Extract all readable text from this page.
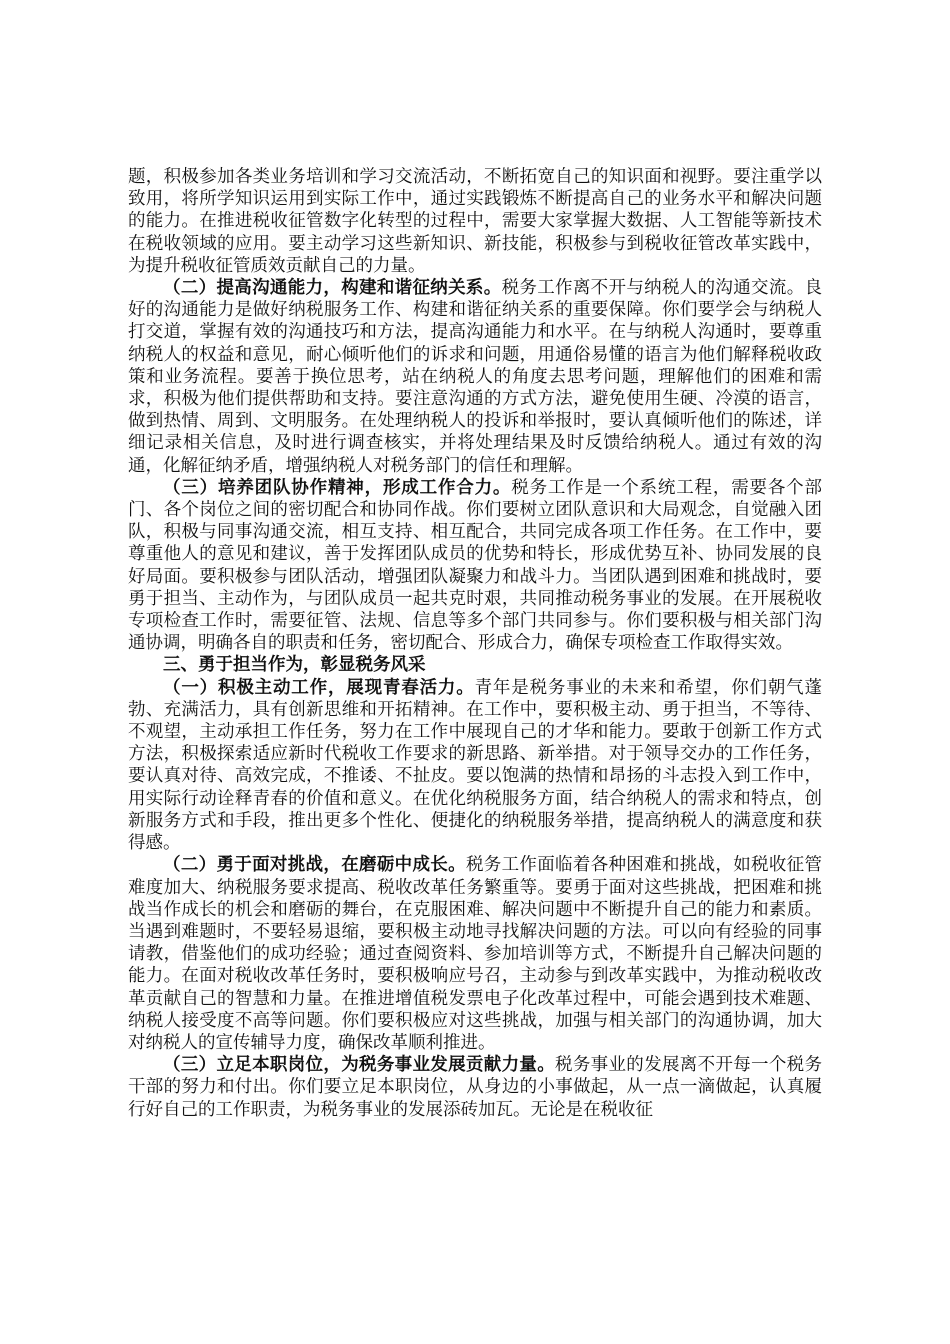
题，积极参加各类业务培训和学习交流活动，不断拓宽自己的知识面和视野。要注重学以致用，将所学知识运用到实际工作中，通过实践锻炼不断提高自己的业务水平和解决问题的能力。在推进税收征管数字化转型的过程中，需要大家掌握大数据、人工智能等新技术在税收领域的应用。要主动学习这些新知识、新技能，积极参与到税收征管改革实践中，为提升税收征管质效贡献自己的力量。

（二）提高沟通能力，构建和谐征纳关系。税务工作离不开与纳税人的沟通交流。良好的沟通能力是做好纳税服务工作、构建和谐征纳关系的重要保障。你们要学会与纳税人打交道，掌握有效的沟通技巧和方法，提高沟通能力和水平。在与纳税人沟通时，要尊重纳税人的权益和意见，耐心倾听他们的诉求和问题，用通俗易懂的语言为他们解释税收政策和业务流程。要善于换位思考，站在纳税人的角度去思考问题，理解他们的困难和需求，积极为他们提供帮助和支持。要注意沟通的方式方法，避免使用生硬、冷漠的语言，做到热情、周到、文明服务。在处理纳税人的投诉和举报时，要认真倾听他们的陈述，详细记录相关信息，及时进行调查核实，并将处理结果及时反馈给纳税人。通过有效的沟通，化解征纳矛盾，增强纳税人对税务部门的信任和理解。

（三）培养团队协作精神，形成工作合力。税务工作是一个系统工程，需要各个部门、各个岗位之间的密切配合和协同作战。你们要树立团队意识和大局观念，自觉融入团队，积极与同事沟通交流，相互支持、相互配合，共同完成各项工作任务。在工作中，要尊重他人的意见和建议，善于发挥团队成员的优势和特长，形成优势互补、协同发展的良好局面。要积极参与团队活动，增强团队凝聚力和战斗力。当团队遇到困难和挑战时，要勇于担当、主动作为，与团队成员一起共克时艰，共同推动税务事业的发展。在开展税收专项检查工作时，需要征管、法规、信息等多个部门共同参与。你们要积极与相关部门沟通协调，明确各自的职责和任务，密切配合、形成合力，确保专项检查工作取得实效。

三、勇于担当作为，彰显税务风采

（一）积极主动工作，展现青春活力。青年是税务事业的未来和希望，你们朝气蓬勃、充满活力，具有创新思维和开拓精神。在工作中，要积极主动、勇于担当，不等待、不观望，主动承担工作任务，努力在工作中展现自己的才华和能力。要敢于创新工作方式方法，积极探索适应新时代税收工作要求的新思路、新举措。对于领导交办的工作任务，要认真对待、高效完成，不推诿、不扯皮。要以饱满的热情和昂扬的斗志投入到工作中，用实际行动诠释青春的价值和意义。在优化纳税服务方面，结合纳税人的需求和特点，创新服务方式和手段，推出更多个性化、便捷化的纳税服务举措，提高纳税人的满意度和获得感。

（二）勇于面对挑战，在磨砺中成长。税务工作面临着各种困难和挑战，如税收征管难度加大、纳税服务要求提高、税收改革任务繁重等。要勇于面对这些挑战，把困难和挑战当作成长的机会和磨砺的舞台，在克服困难、解决问题中不断提升自己的能力和素质。当遇到难题时，不要轻易退缩，要积极主动地寻找解决问题的方法。可以向有经验的同事请教，借鉴他们的成功经验；通过查阅资料、参加培训等方式，不断提升自己解决问题的能力。在面对税收改革任务时，要积极响应号召，主动参与到改革实践中，为推动税收改革贡献自己的智慧和力量。在推进增值税发票电子化改革过程中，可能会遇到技术难题、纳税人接受度不高等问题。你们要积极应对这些挑战，加强与相关部门的沟通协调，加大对纳税人的宣传辅导力度，确保改革顺利推进。

（三）立足本职岗位，为税务事业发展贡献力量。税务事业的发展离不开每一个税务干部的努力和付出。你们要立足本职岗位，从身边的小事做起，从一点一滴做起，认真履行好自己的工作职责，为税务事业的发展添砖加瓦。无论是在税收征
